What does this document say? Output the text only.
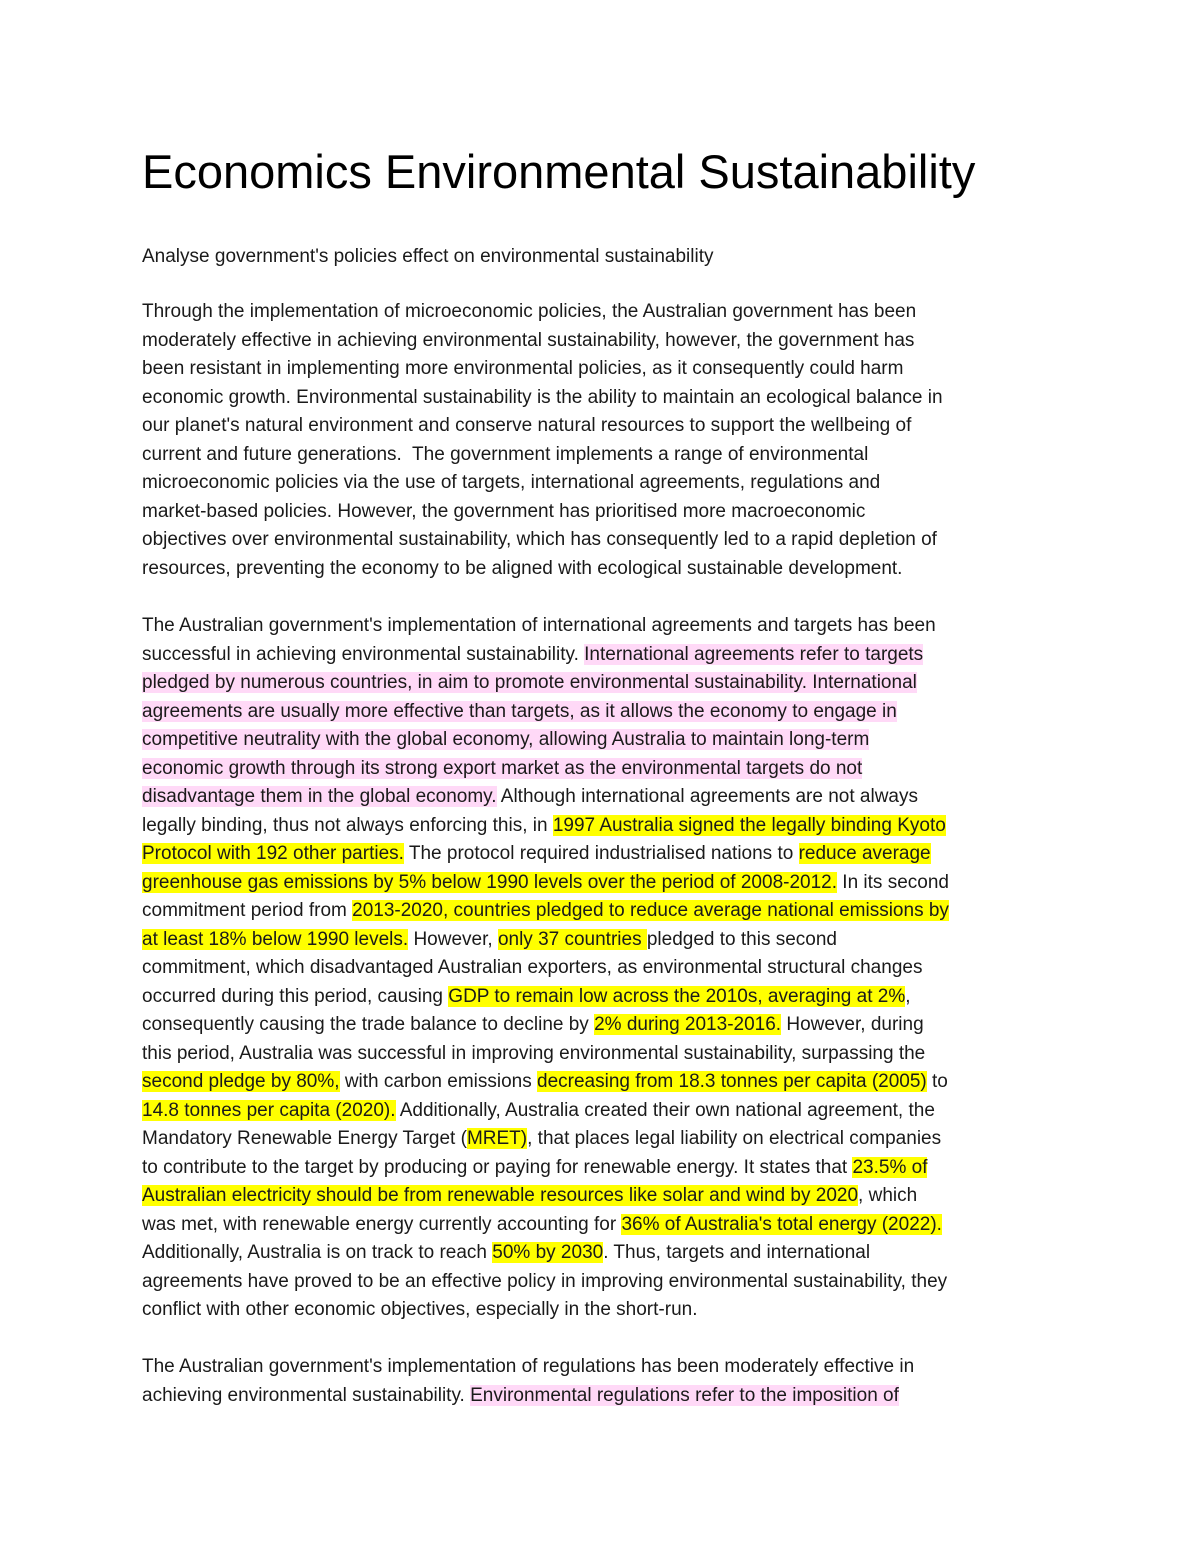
Economics Environmental Sustainability

Analyse government's policies effect on environmental sustainability

Through the implementation of microeconomic policies, the Australian government has been
moderately effective in achieving environmental sustainability, however, the government has
been resistant in implementing more environmental policies, as it consequently could harm
economic growth. Environmental sustainability is the ability to maintain an ecological balance in
our planet's natural environment and conserve natural resources to support the wellbeing of
current and future generations.  The government implements a range of environmental
microeconomic policies via the use of targets, international agreements, regulations and
market-based policies. However, the government has prioritised more macroeconomic
objectives over environmental sustainability, which has consequently led to a rapid depletion of
resources, preventing the economy to be aligned with ecological sustainable development.
The Australian government's implementation of international agreements and targets has been
successful in achieving environmental sustainability. International agreements refer to targets
pledged by numerous countries, in aim to promote environmental sustainability. International
agreements are usually more effective than targets, as it allows the economy to engage in
competitive neutrality with the global economy, allowing Australia to maintain long-term
economic growth through its strong export market as the environmental targets do not
disadvantage them in the global economy. Although international agreements are not always
legally binding, thus not always enforcing this, in 1997 Australia signed the legally binding Kyoto
Protocol with 192 other parties. The protocol required industrialised nations to reduce average
greenhouse gas emissions by 5% below 1990 levels over the period of 2008-2012. In its second
commitment period from 2013-2020, countries pledged to reduce average national emissions by
at least 18% below 1990 levels. However, only 37 countries pledged to this second
commitment, which disadvantaged Australian exporters, as environmental structural changes
occurred during this period, causing GDP to remain low across the 2010s, averaging at 2%,
consequently causing the trade balance to decline by 2% during 2013-2016. However, during
this period, Australia was successful in improving environmental sustainability, surpassing the
second pledge by 80%, with carbon emissions decreasing from 18.3 tonnes per capita (2005) to
14.8 tonnes per capita (2020). Additionally, Australia created their own national agreement, the
Mandatory Renewable Energy Target (MRET), that places legal liability on electrical companies
to contribute to the target by producing or paying for renewable energy. It states that 23.5% of
Australian electricity should be from renewable resources like solar and wind by 2020, which
was met, with renewable energy currently accounting for 36% of Australia's total energy (2022).
Additionally, Australia is on track to reach 50% by 2030. Thus, targets and international
agreements have proved to be an effective policy in improving environmental sustainability, they
conflict with other economic objectives, especially in the short-run.
The Australian government's implementation of regulations has been moderately effective in
achieving environmental sustainability. Environmental regulations refer to the imposition of
